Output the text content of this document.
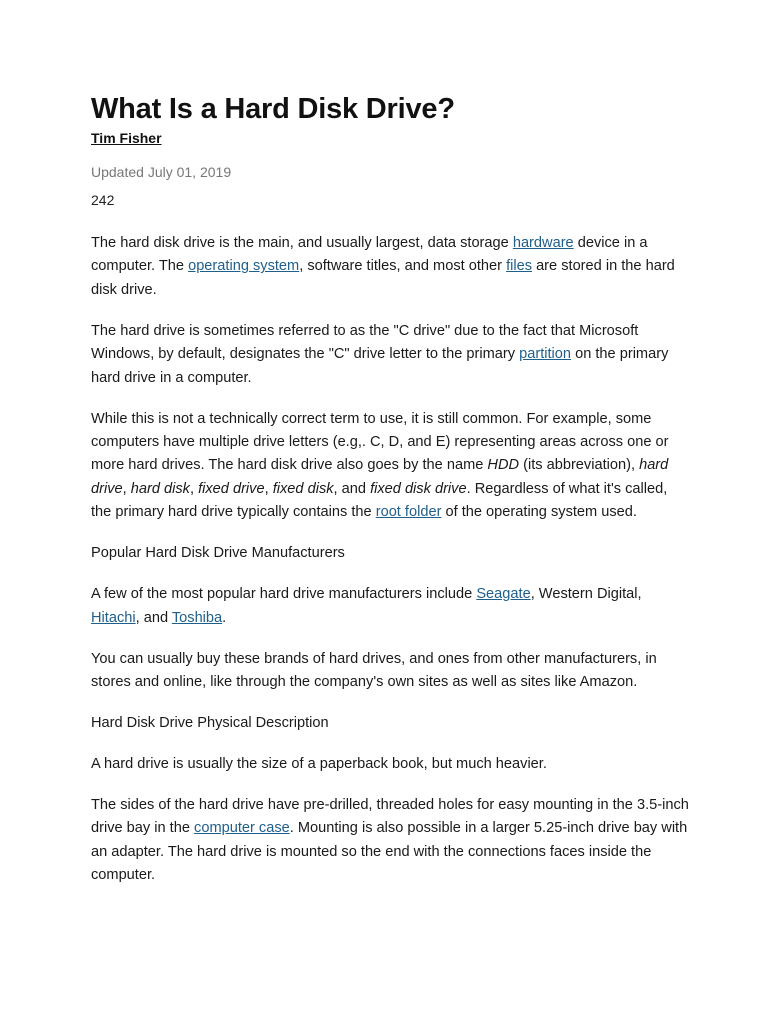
What Is a Hard Disk Drive?
Tim Fisher
Updated July 01, 2019
242

The hard disk drive is the main, and usually largest, data storage hardware device in a computer. The operating system, software titles, and most other files are stored in the hard disk drive.

The hard drive is sometimes referred to as the "C drive" due to the fact that Microsoft Windows, by default, designates the "C" drive letter to the primary partition on the primary hard drive in a computer.

While this is not a technically correct term to use, it is still common. For example, some computers have multiple drive letters (e.g,. C, D, and E) representing areas across one or more hard drives. The hard disk drive also goes by the name HDD (its abbreviation), hard drive, hard disk, fixed drive, fixed disk, and fixed disk drive. Regardless of what it's called, the primary hard drive typically contains the root folder of the operating system used.

Popular Hard Disk Drive Manufacturers

A few of the most popular hard drive manufacturers include Seagate, Western Digital, Hitachi, and Toshiba.

You can usually buy these brands of hard drives, and ones from other manufacturers, in stores and online, like through the company's own sites as well as sites like Amazon.

Hard Disk Drive Physical Description

A hard drive is usually the size of a paperback book, but much heavier.

The sides of the hard drive have pre-drilled, threaded holes for easy mounting in the 3.5-inch drive bay in the computer case. Mounting is also possible in a larger 5.25-inch drive bay with an adapter. The hard drive is mounted so the end with the connections faces inside the computer.
